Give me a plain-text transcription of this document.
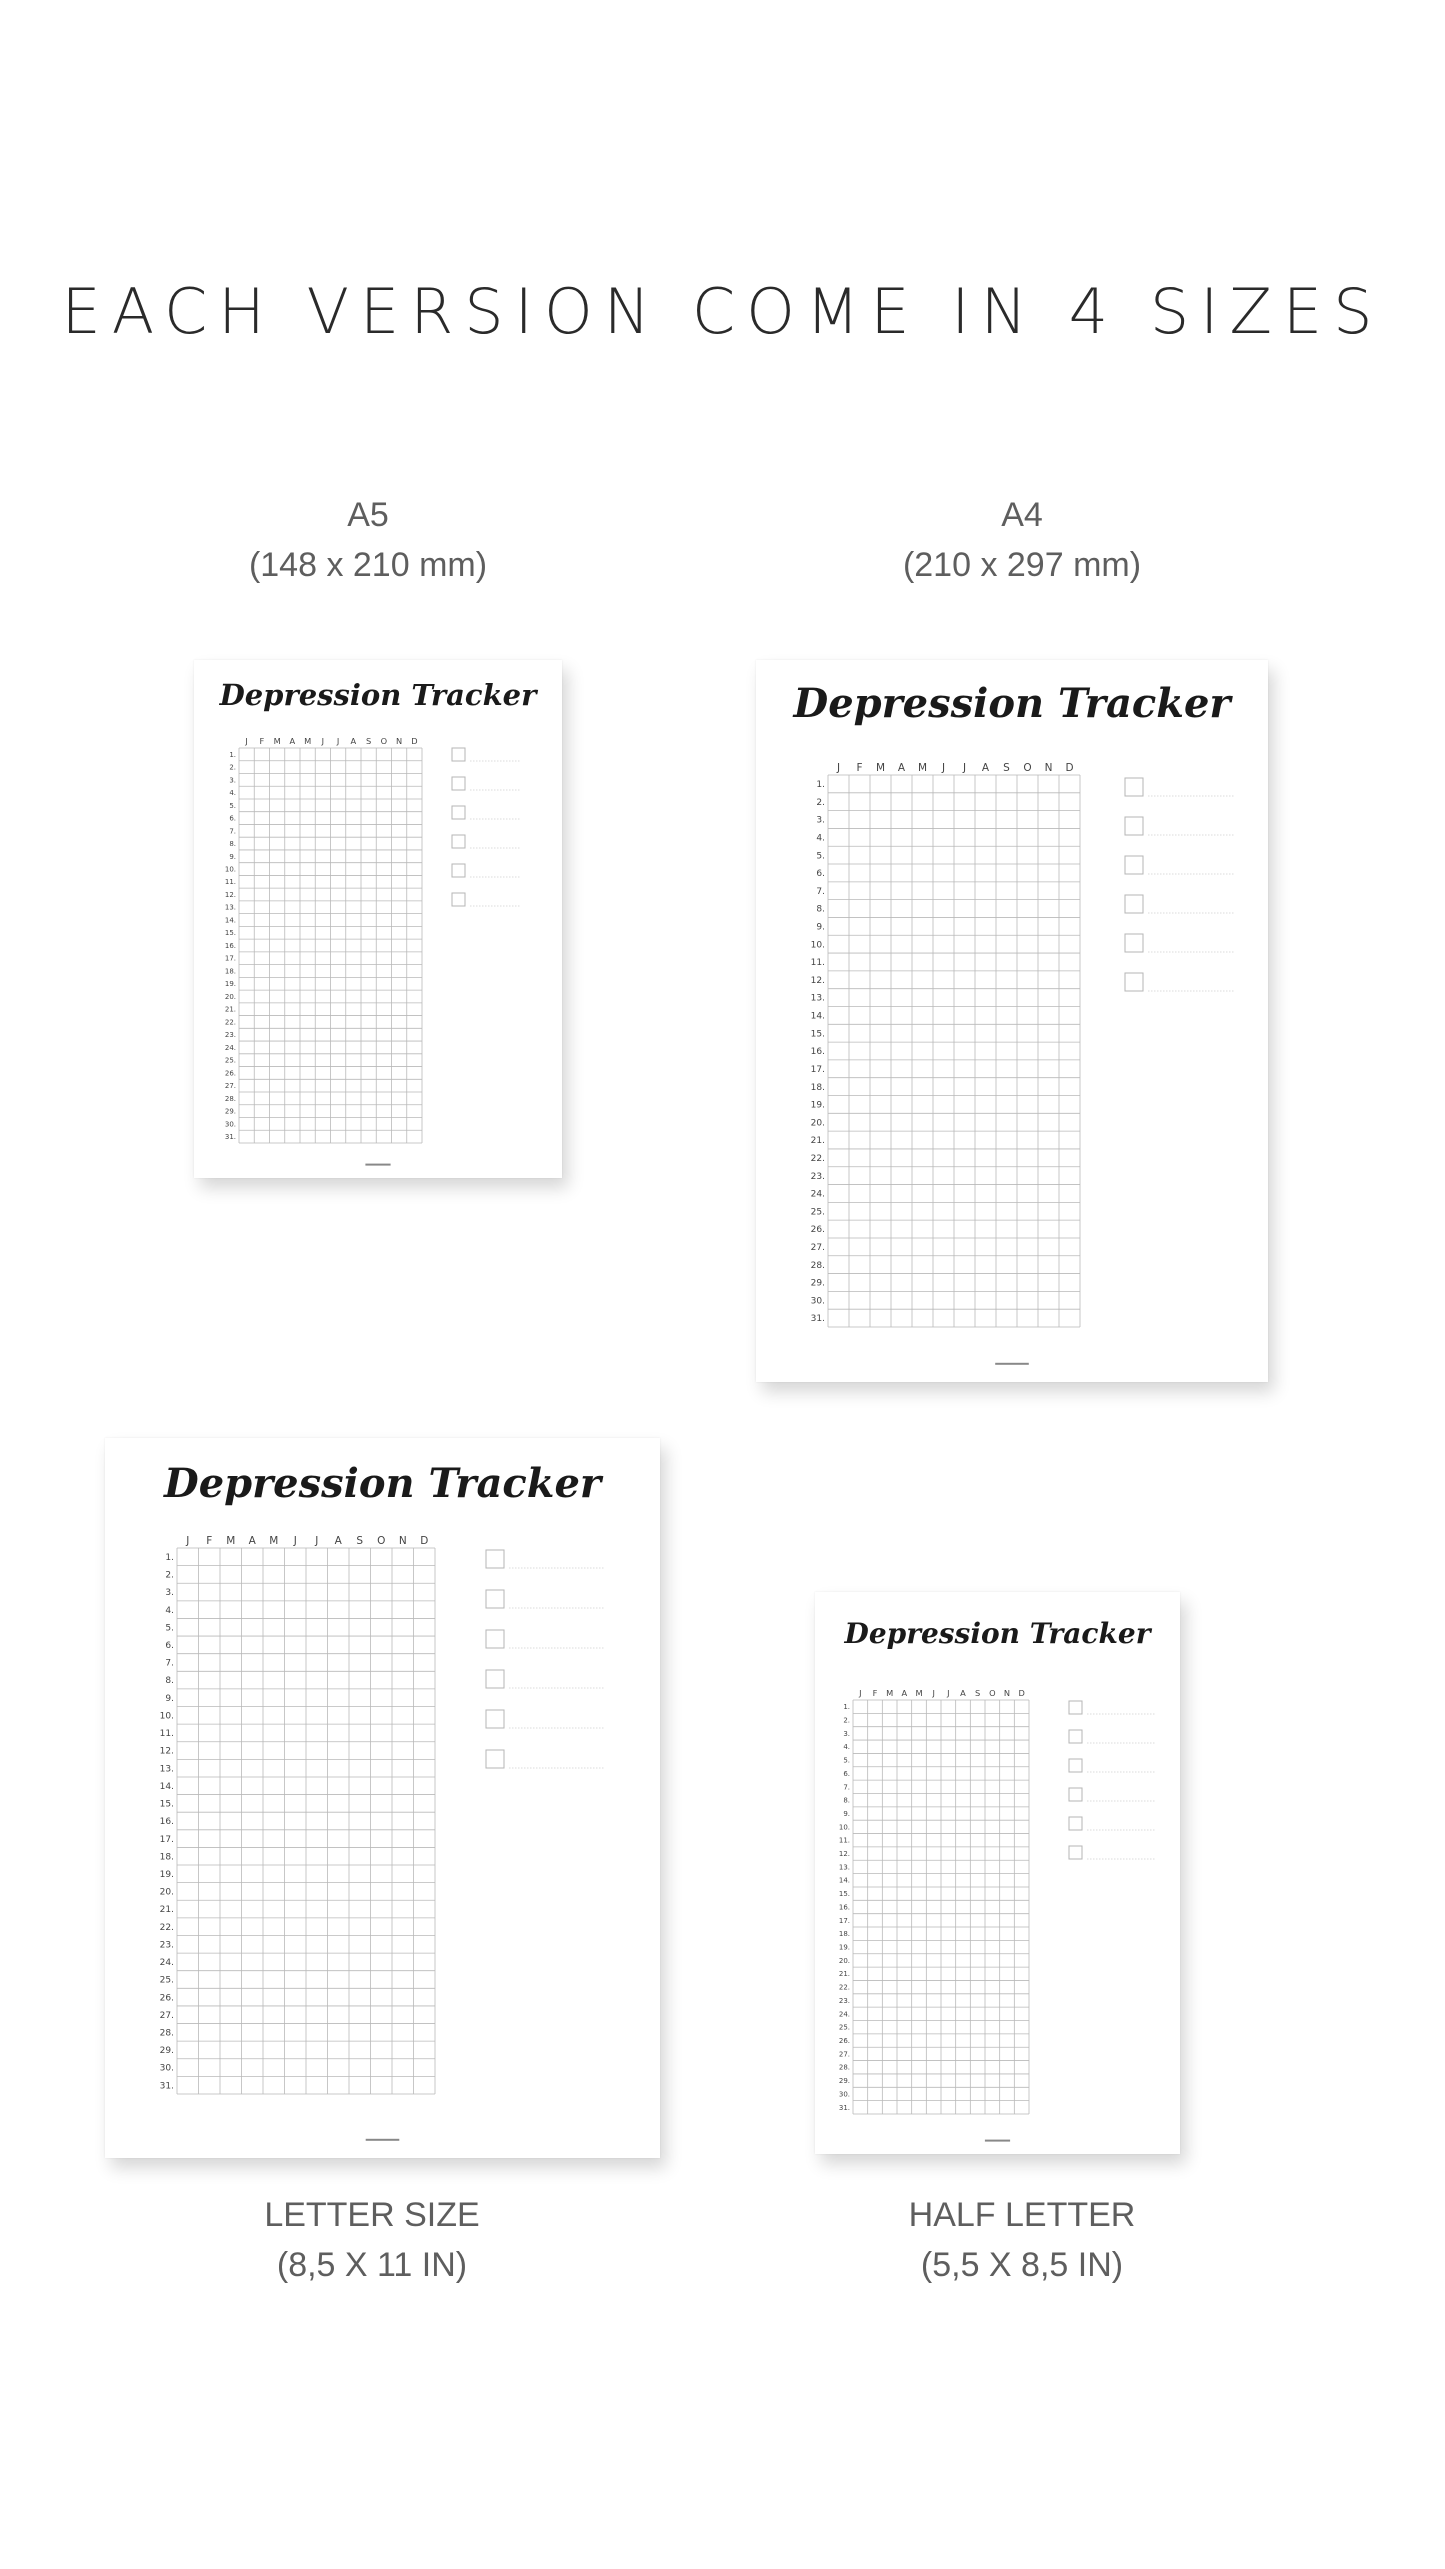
EACH VERSION COME IN 4 SIZES
A5
(148 x 210 mm)
A4
(210 x 297 mm)
LETTER SIZE
(8,5 X 11 IN)
HALF LETTER
(5,5 X 8,5 IN)
Depression Tracker
J F M A M J J A S O N D
1.
2.
3.
4.
5.
6.
7.
8.
9.
10.
11.
12.
13.
14.
15.
16.
17.
18.
19.
20.
21.
22.
23.
24.
25.
26.
27.
28.
29.
30.
31.
Depression Tracker
J F M A M J J A S O N D
1.
2.
3.
4.
5.
6.
7.
8.
9.
10.
11.
12.
13.
14.
15.
16.
17.
18.
19.
20.
21.
22.
23.
24.
25.
26.
27.
28.
29.
30.
31.
Depression Tracker
J F M A M J J A S O N D
1.
2.
3.
4.
5.
6.
7.
8.
9.
10.
11.
12.
13.
14.
15.
16.
17.
18.
19.
20.
21.
22.
23.
24.
25.
26.
27.
28.
29.
30.
31.
Depression Tracker
J F M A M J J A S O N D
1.
2.
3.
4.
5.
6.
7.
8.
9.
10.
11.
12.
13.
14.
15.
16.
17.
18.
19.
20.
21.
22.
23.
24.
25.
26.
27.
28.
29.
30.
31.
